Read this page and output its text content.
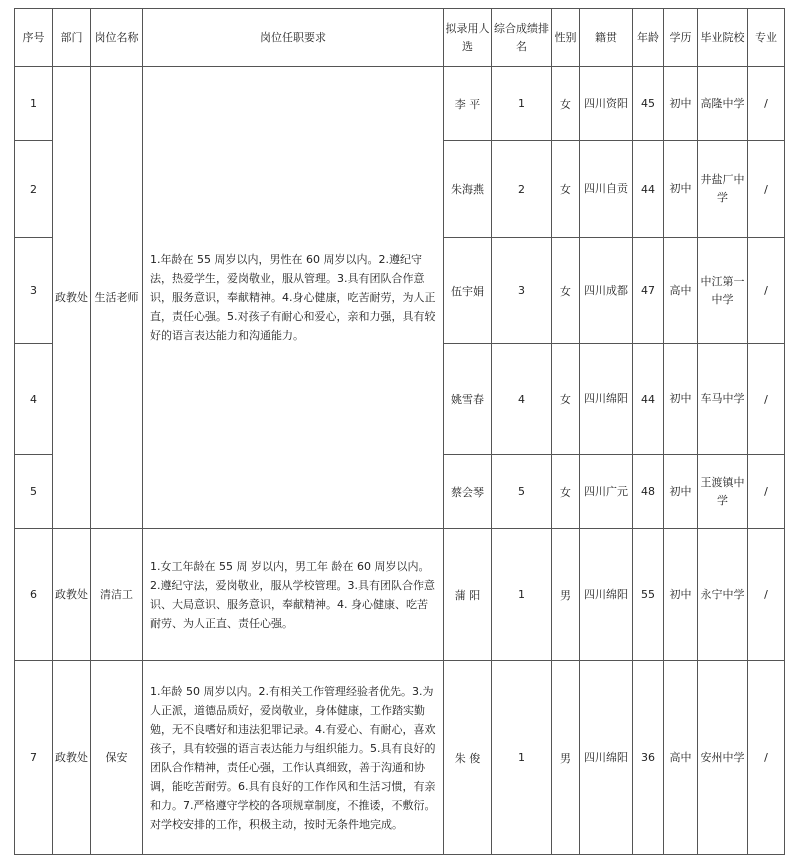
序号	部门	岗位名称	岗位任职要求	拟录用人选	综合成绩排名	性别	籍贯	年龄	学历	毕业院校	专业
1	政教处	生活老师	1.年龄在 55 周岁以内，男性在 60 周岁以内。2.遵纪守法，热爱学生，爱岗敬业，服从管理。3.具有团队合作意识，服务意识，奉献精神。4.身心健康，吃苦耐劳，为人正直，责任心强。5.对孩子有耐心和爱心，亲和力强，具有较好的语言表达能力和沟通能力。	李 平	1	女	四川资阳	45	初中	高隆中学	/
2				朱海燕	2	女	四川自贡	44	初中	井盐厂中学	/
3				伍宇娟	3	女	四川成都	47	高中	中江第一中学	/
4				姚雪春	4	女	四川绵阳	44	初中	车马中学	/
5				蔡会琴	5	女	四川广元	48	初中	王渡镇中学	/
6	政教处	清洁工	1.女工年龄在 55 周 岁以内，男工年 龄在 60 周岁以内。2.遵纪守法，爱岗敬业，服从学校管理。3.具有团队合作意识、大局意识、服务意识，奉献精神。4. 身心健康、吃苦耐劳、为人正直、责任心强。	蒲 阳	1	男	四川绵阳	55	初中	永宁中学	/
7	政教处	保安	1.年龄 50 周岁以内。2.有相关工作管理经验者优先。3.为人正派，道德品质好，爱岗敬业，身体健康，工作踏实勤勉，无不良嗜好和违法犯罪记录。4.有爱心、有耐心，喜欢孩子，具有较强的语言表达能力与组织能力。5.具有良好的团队合作精神，责任心强，工作认真细致，善于沟通和协调，能吃苦耐劳。6.具有良好的工作作风和生活习惯，有亲和力。7.严格遵守学校的各项规章制度，不推诿，不敷衍。对学校安排的工作，积极主动，按时无条件地完成。	朱 俊	1	男	四川绵阳	36	高中	安州中学	/
